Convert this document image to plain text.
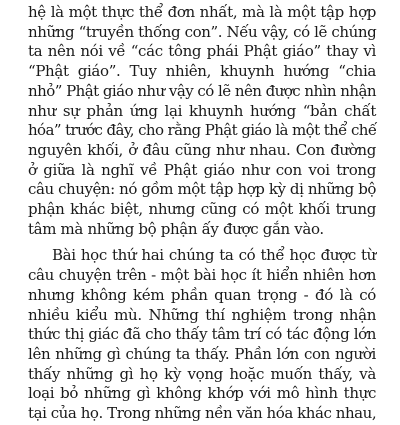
hệ là một thực thể đơn nhất, mà là một tập hợp
những “truyền thống con”. Nếu vậy, có lẽ chúng
ta nên nói về “các tông phái Phật giáo” thay vì
“Phật giáo”. Tuy nhiên, khuynh hướng “chia
nhỏ” Phật giáo như vậy có lẽ nên được nhìn nhận
như sự phản ứng lại khuynh hướng “bản chất
hóa” trước đây, cho rằng Phật giáo là một thể chế
nguyên khối, ở đâu cũng như nhau. Con đường
ở giữa là nghĩ về Phật giáo như con voi trong
câu chuyện: nó gồm một tập hợp kỳ dị những bộ
phận khác biệt, nhưng cũng có một khối trung
tâm mà những bộ phận ấy được gắn vào.
Bài học thứ hai chúng ta có thể học được từ
câu chuyện trên - một bài học ít hiển nhiên hơn
nhưng không kém phần quan trọng - đó là có
nhiều kiểu mù. Những thí nghiệm trong nhận
thức thị giác đã cho thấy tâm trí có tác động lớn
lên những gì chúng ta thấy. Phần lớn con người
thấy những gì họ kỳ vọng hoặc muốn thấy, và
loại bỏ những gì không khớp với mô hình thực
tại của họ. Trong những nền văn hóa khác nhau,
